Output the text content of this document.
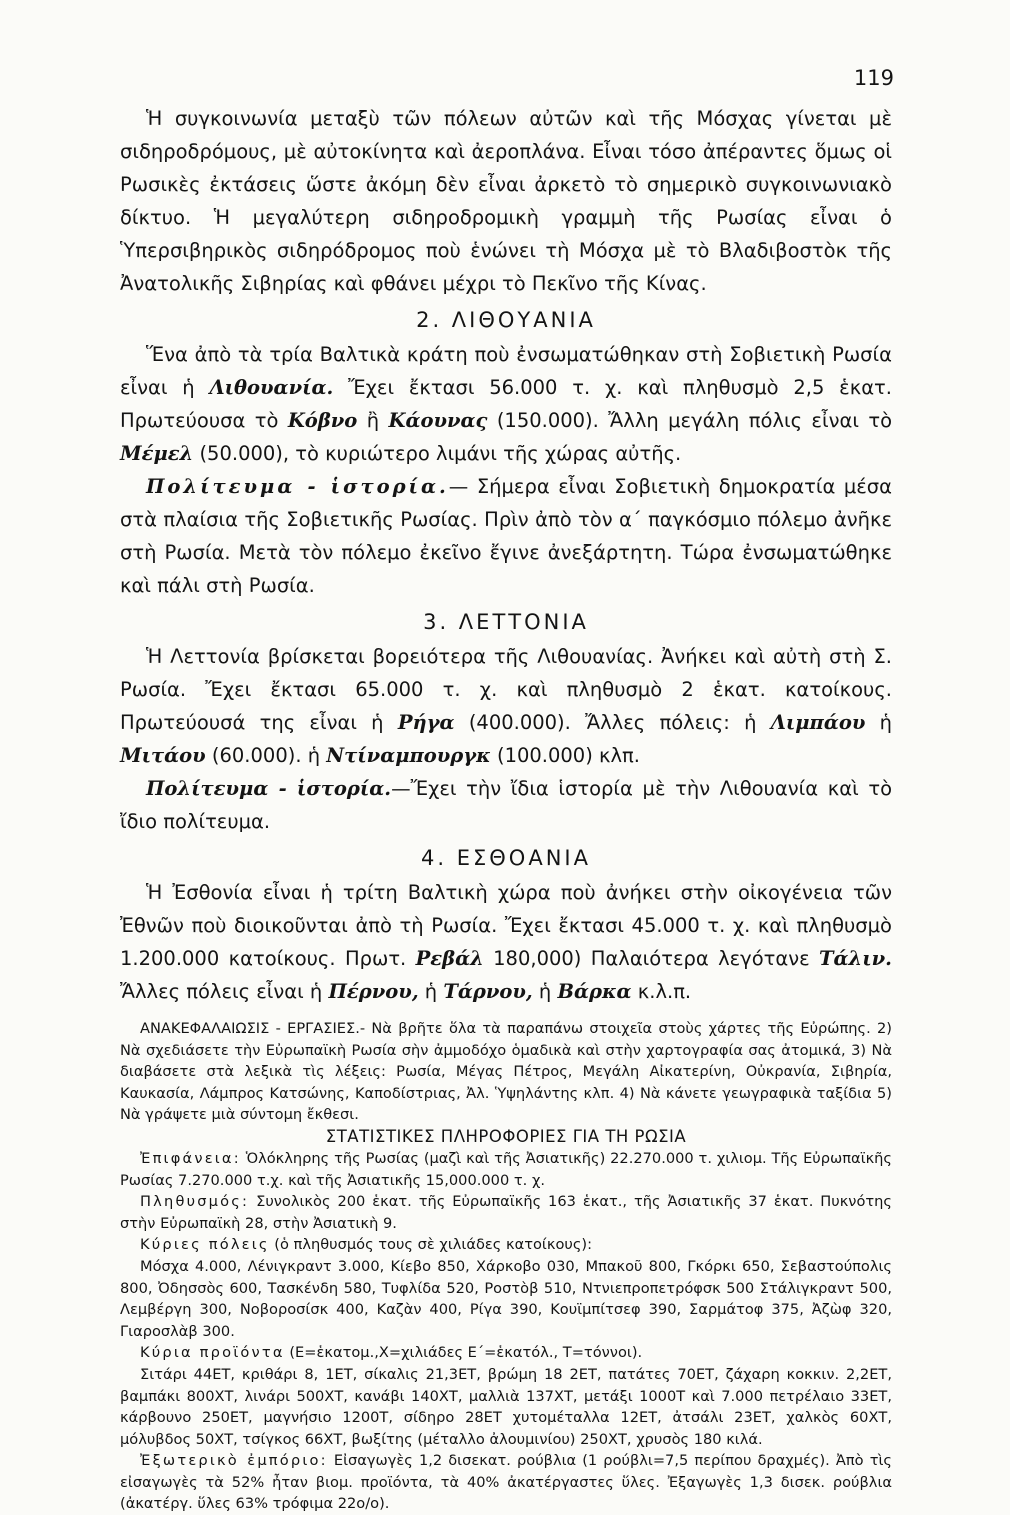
119

Ἡ συγκοινωνία μεταξὺ τῶν πόλεων αὐτῶν καὶ τῆς Μόσχας γίνεται μὲ σιδηροδρόμους, μὲ αὐτοκίνητα καὶ ἀεροπλάνα. Εἶναι τόσο ἀπέραντες ὅμως οἱ Ρωσικὲς ἐκτάσεις ὥστε ἀκόμη δὲν εἶναι ἀρκετὸ τὸ σημερικὸ συγκοινωνιακὸ δίκτυο. Ἡ μεγαλύτερη σιδηροδρομικὴ γραμμὴ τῆς Ρωσίας εἶναι ὁ Ὑπερσιβηρικὸς σιδηρόδρομος ποὺ ἑνώνει τὴ Μόσχα μὲ τὸ Βλαδιβοστὸκ τῆς Ἀνατολικῆς Σιβηρίας καὶ φθάνει μέχρι τὸ Πεκῖνο τῆς Κίνας.

2. ΛΙΘΟΥΑΝΙΑ

Ἕνα ἀπὸ τὰ τρία Βαλτικὰ κράτη ποὺ ἐνσωματώθηκαν στὴ Σοβιετικὴ Ρωσία εἶναι ἡ Λιθουανία. Ἔχει ἔκτασι 56.000 τ. χ. καὶ πληθυσμὸ 2,5 ἑκατ. Πρωτεύουσα τὸ Κόβνο ἢ Κάουνας (150.000). Ἄλλη μεγάλη πόλις εἶναι τὸ Μέμελ (50.000), τὸ κυριώτερο λιμάνι τῆς χώρας αὐτῆς.

Πολίτευμα - ἱστορία.— Σήμερα εἶναι Σοβιετικὴ δημοκρατία μέσα στὰ πλαίσια τῆς Σοβιετικῆς Ρωσίας. Πρὶν ἀπὸ τὸν α΄ παγκόσμιο πόλεμο ἀνῆκε στὴ Ρωσία. Μετὰ τὸν πόλεμο ἐκεῖνο ἔγινε ἀνεξάρτητη. Τώρα ἐνσωματώθηκε καὶ πάλι στὴ Ρωσία.

3. ΛΕΤΤΟΝΙΑ

Ἡ Λεττονία βρίσκεται βορειότερα τῆς Λιθουανίας. Ἀνήκει καὶ αὐτὴ στὴ Σ. Ρωσία. Ἔχει ἔκτασι 65.000 τ. χ. καὶ πληθυσμὸ 2 ἑκατ. κατοίκους. Πρωτεύουσά της εἶναι ἡ Ρήγα (400.000). Ἄλλες πόλεις: ἡ Λιμπάου ἡ Μιτάου (60.000). ἡ Ντίναμπουργκ (100.000) κλπ.

Πολίτευμα - ἱστορία.—Ἔχει τὴν ἴδια ἱστορία μὲ τὴν Λιθουανία καὶ τὸ ἴδιο πολίτευμα.

4. ΕΣΘΟΑΝΙΑ

Ἡ Ἐσθονία εἶναι ἡ τρίτη Βαλτικὴ χώρα ποὺ ἀνήκει στὴν οἰκογένεια τῶν Ἐθνῶν ποὺ διοικοῦνται ἀπὸ τὴ Ρωσία. Ἔχει ἔκτασι 45.000 τ. χ. καὶ πληθυσμὸ 1.200.000 κατοίκους. Πρωτ. Ρεβάλ 180,000) Παλαιότερα λεγότανε Τάλιν. Ἄλλες πόλεις εἶναι ἡ Πέρνου, ἡ Τάρνου, ἡ Βάρκα κ.λ.π.

ΑΝΑΚΕΦΑΛΑΙΩΣΙΣ - ΕΡΓΑΣΙΕΣ.- Νὰ βρῆτε ὅλα τὰ παραπάνω στοιχεῖα στοὺς χάρτες τῆς Εὐρώπης. 2) Νὰ σχεδιάσετε τὴν Εὐρωπαϊκὴ Ρωσία σὴν ἀμμοδόχο ὁμαδικὰ καὶ στὴν χαρτογραφία σας ἀτομικά, 3) Νὰ διαβάσετε στὰ λεξικὰ τὶς λέξεις: Ρωσία, Μέγας Πέτρος, Μεγάλη Αἰκατερίνη, Οὐκρανία, Σιβηρία, Καυκασία, Λάμπρος Κατσώνης, Καποδίστριας, Ἀλ. Ὑψηλάντης κλπ. 4) Νὰ κάνετε γεωγραφικὰ ταξίδια 5) Νὰ γράψετε μιὰ σύντομη ἔκθεσι.

ΣΤΑΤΙΣΤΙΚΕΣ ΠΛΗΡΟΦΟΡΙΕΣ ΓΙΑ ΤΗ ΡΩΣΙΑ

Ἐπιφάνεια: Ὁλόκληρης τῆς Ρωσίας (μαζὶ καὶ τῆς Ἀσιατικῆς) 22.270.000 τ. χιλιομ. Τῆς Εὐρωπαϊκῆς Ρωσίας 7.270.000 τ.χ. καὶ τῆς Ἀσιατικῆς 15,000.000 τ. χ.

Πληθυσμός: Συνολικὸς 200 ἑκατ. τῆς Εὐρωπαϊκῆς 163 ἑκατ., τῆς Ἀσιατικῆς 37 ἑκατ. Πυκνότης στὴν Εὐρωπαϊκὴ 28, στὴν Ἀσιατικὴ 9.

Κύριες πόλεις (ὁ πληθυσμός τους σὲ χιλιάδες κατοίκους):

Μόσχα 4.000, Λένιγκραντ 3.000, Κίεβο 850, Χάρκοβο 030, Μπακοῦ 800, Γκόρκι 650, Σεβαστούπολις 800, Ὀδησσὸς 600, Τασκένδη 580, Τυφλίδα 520, Ροστὸβ 510, Ντνιεπροπετρόφσκ 500 Στάλιγκραντ 500, Λεμβέργη 300, Νοβοροσίσκ 400, Καζὰν 400, Ρίγα 390, Κουϊμπίτσεφ 390, Σαρμάτοφ 375, Ἀζὼφ 320, Γιαροσλὰβ 300.

Κύρια προϊόντα (Ε=ἑκατομ.,Χ=χιλιάδες Ε΄=ἑκατόλ., Τ=τόννοι).

Σιτάρι 44ΕΤ, κριθάρι 8, 1ΕΤ, σίκαλις 21,3ΕΤ, βρώμη 18 2ΕΤ, πατάτες 70ΕΤ, ζάχαρη κοκκιν. 2,2ΕΤ, βαμπάκι 800ΧΤ, λινάρι 500ΧΤ, κανάβι 140ΧΤ, μαλλιὰ 137ΧΤ, μετάξι 1000Τ καὶ 7.000 πετρέλαιο 33ΕΤ, κάρβουνο 250ΕΤ, μαγνήσιο 1200Τ, σίδηρο 28ΕΤ χυτομέταλλα 12ΕΤ, ἀτσάλι 23ΕΤ, χαλκὸς 60ΧΤ, μόλυβδος 50ΧΤ, τσίγκος 66ΧΤ, βωξίτης (μέταλλο ἀλουμινίου) 250ΧΤ, χρυσὸς 180 κιλά.

Ἐξωτερικὸ ἐμπόριο: Εἰσαγωγὲς 1,2 δισεκατ. ρούβλια (1 ρούβλι=7,5 περίπου δραχμές). Ἀπὸ τὶς εἰσαγωγὲς τὰ 52% ἦταν βιομ. προϊόντα, τὰ 40% ἀκατέργαστες ὕλες. Ἐξαγωγὲς 1,3 δισεκ. ρούβλια (ἀκατέργ. ὕλες 63% τρόφιμα 22ο/ο).
